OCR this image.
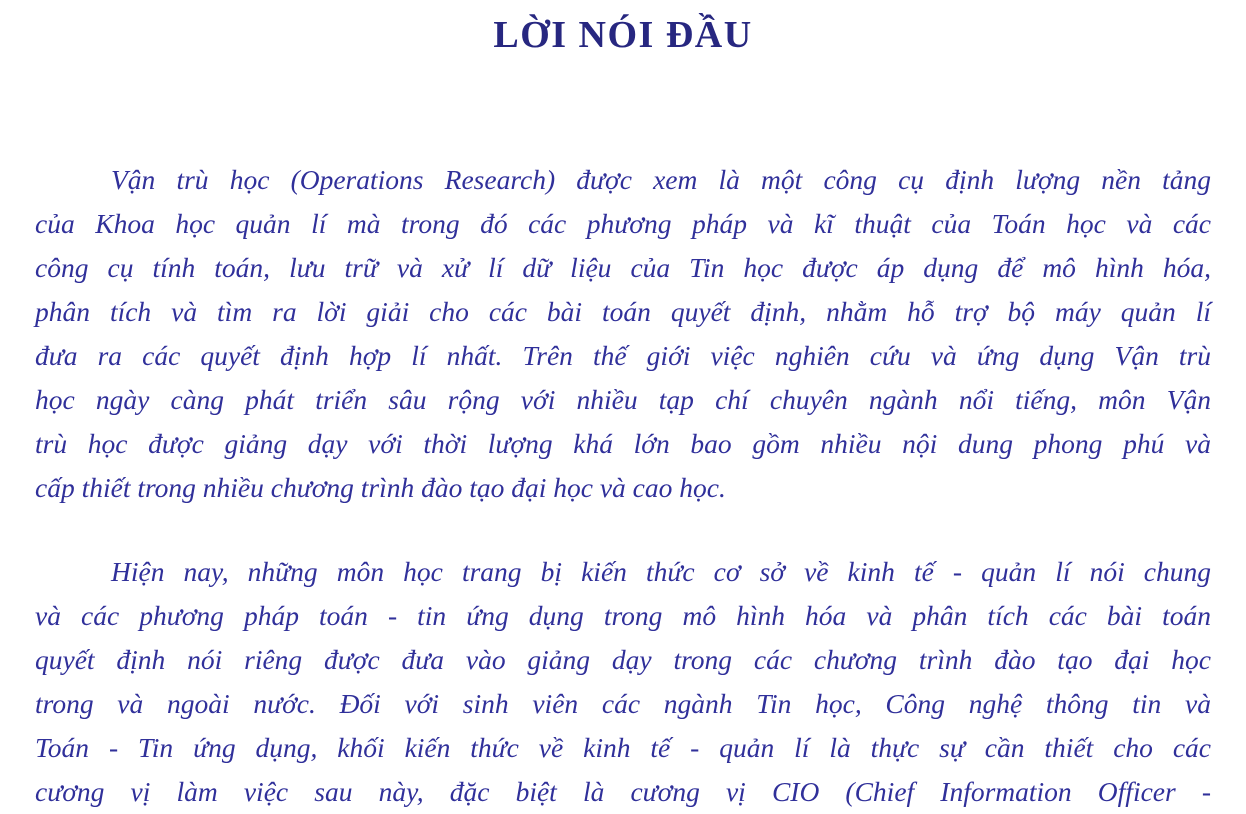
LỜI NÓI ĐẦU
Vận trù học (Operations Research) được xem là một công cụ định lượng nền tảng
của Khoa học quản lí mà trong đó các phương pháp và kĩ thuật của Toán học và các
công cụ tính toán, lưu trữ và xử lí dữ liệu của Tin học được áp dụng để mô hình hóa,
phân tích và tìm ra lời giải cho các bài toán quyết định, nhằm hỗ trợ bộ máy quản lí
đưa ra các quyết định hợp lí nhất. Trên thế giới việc nghiên cứu và ứng dụng Vận trù
học ngày càng phát triển sâu rộng với nhiều tạp chí chuyên ngành nổi tiếng, môn Vận
trù học được giảng dạy với thời lượng khá lớn bao gồm nhiều nội dung phong phú và
cấp thiết trong nhiều chương trình đào tạo đại học và cao học.
Hiện nay, những môn học trang bị kiến thức cơ sở về kinh tế - quản lí nói chung
và các phương pháp toán - tin ứng dụng trong mô hình hóa và phân tích các bài toán
quyết định nói riêng được đưa vào giảng dạy trong các chương trình đào tạo đại học
trong và ngoài nước. Đối với sinh viên các ngành Tin học, Công nghệ thông tin và
Toán - Tin ứng dụng, khối kiến thức về kinh tế - quản lí là thực sự cần thiết cho các
cương vị làm việc sau này, đặc biệt là cương vị CIO (Chief Information Officer -
